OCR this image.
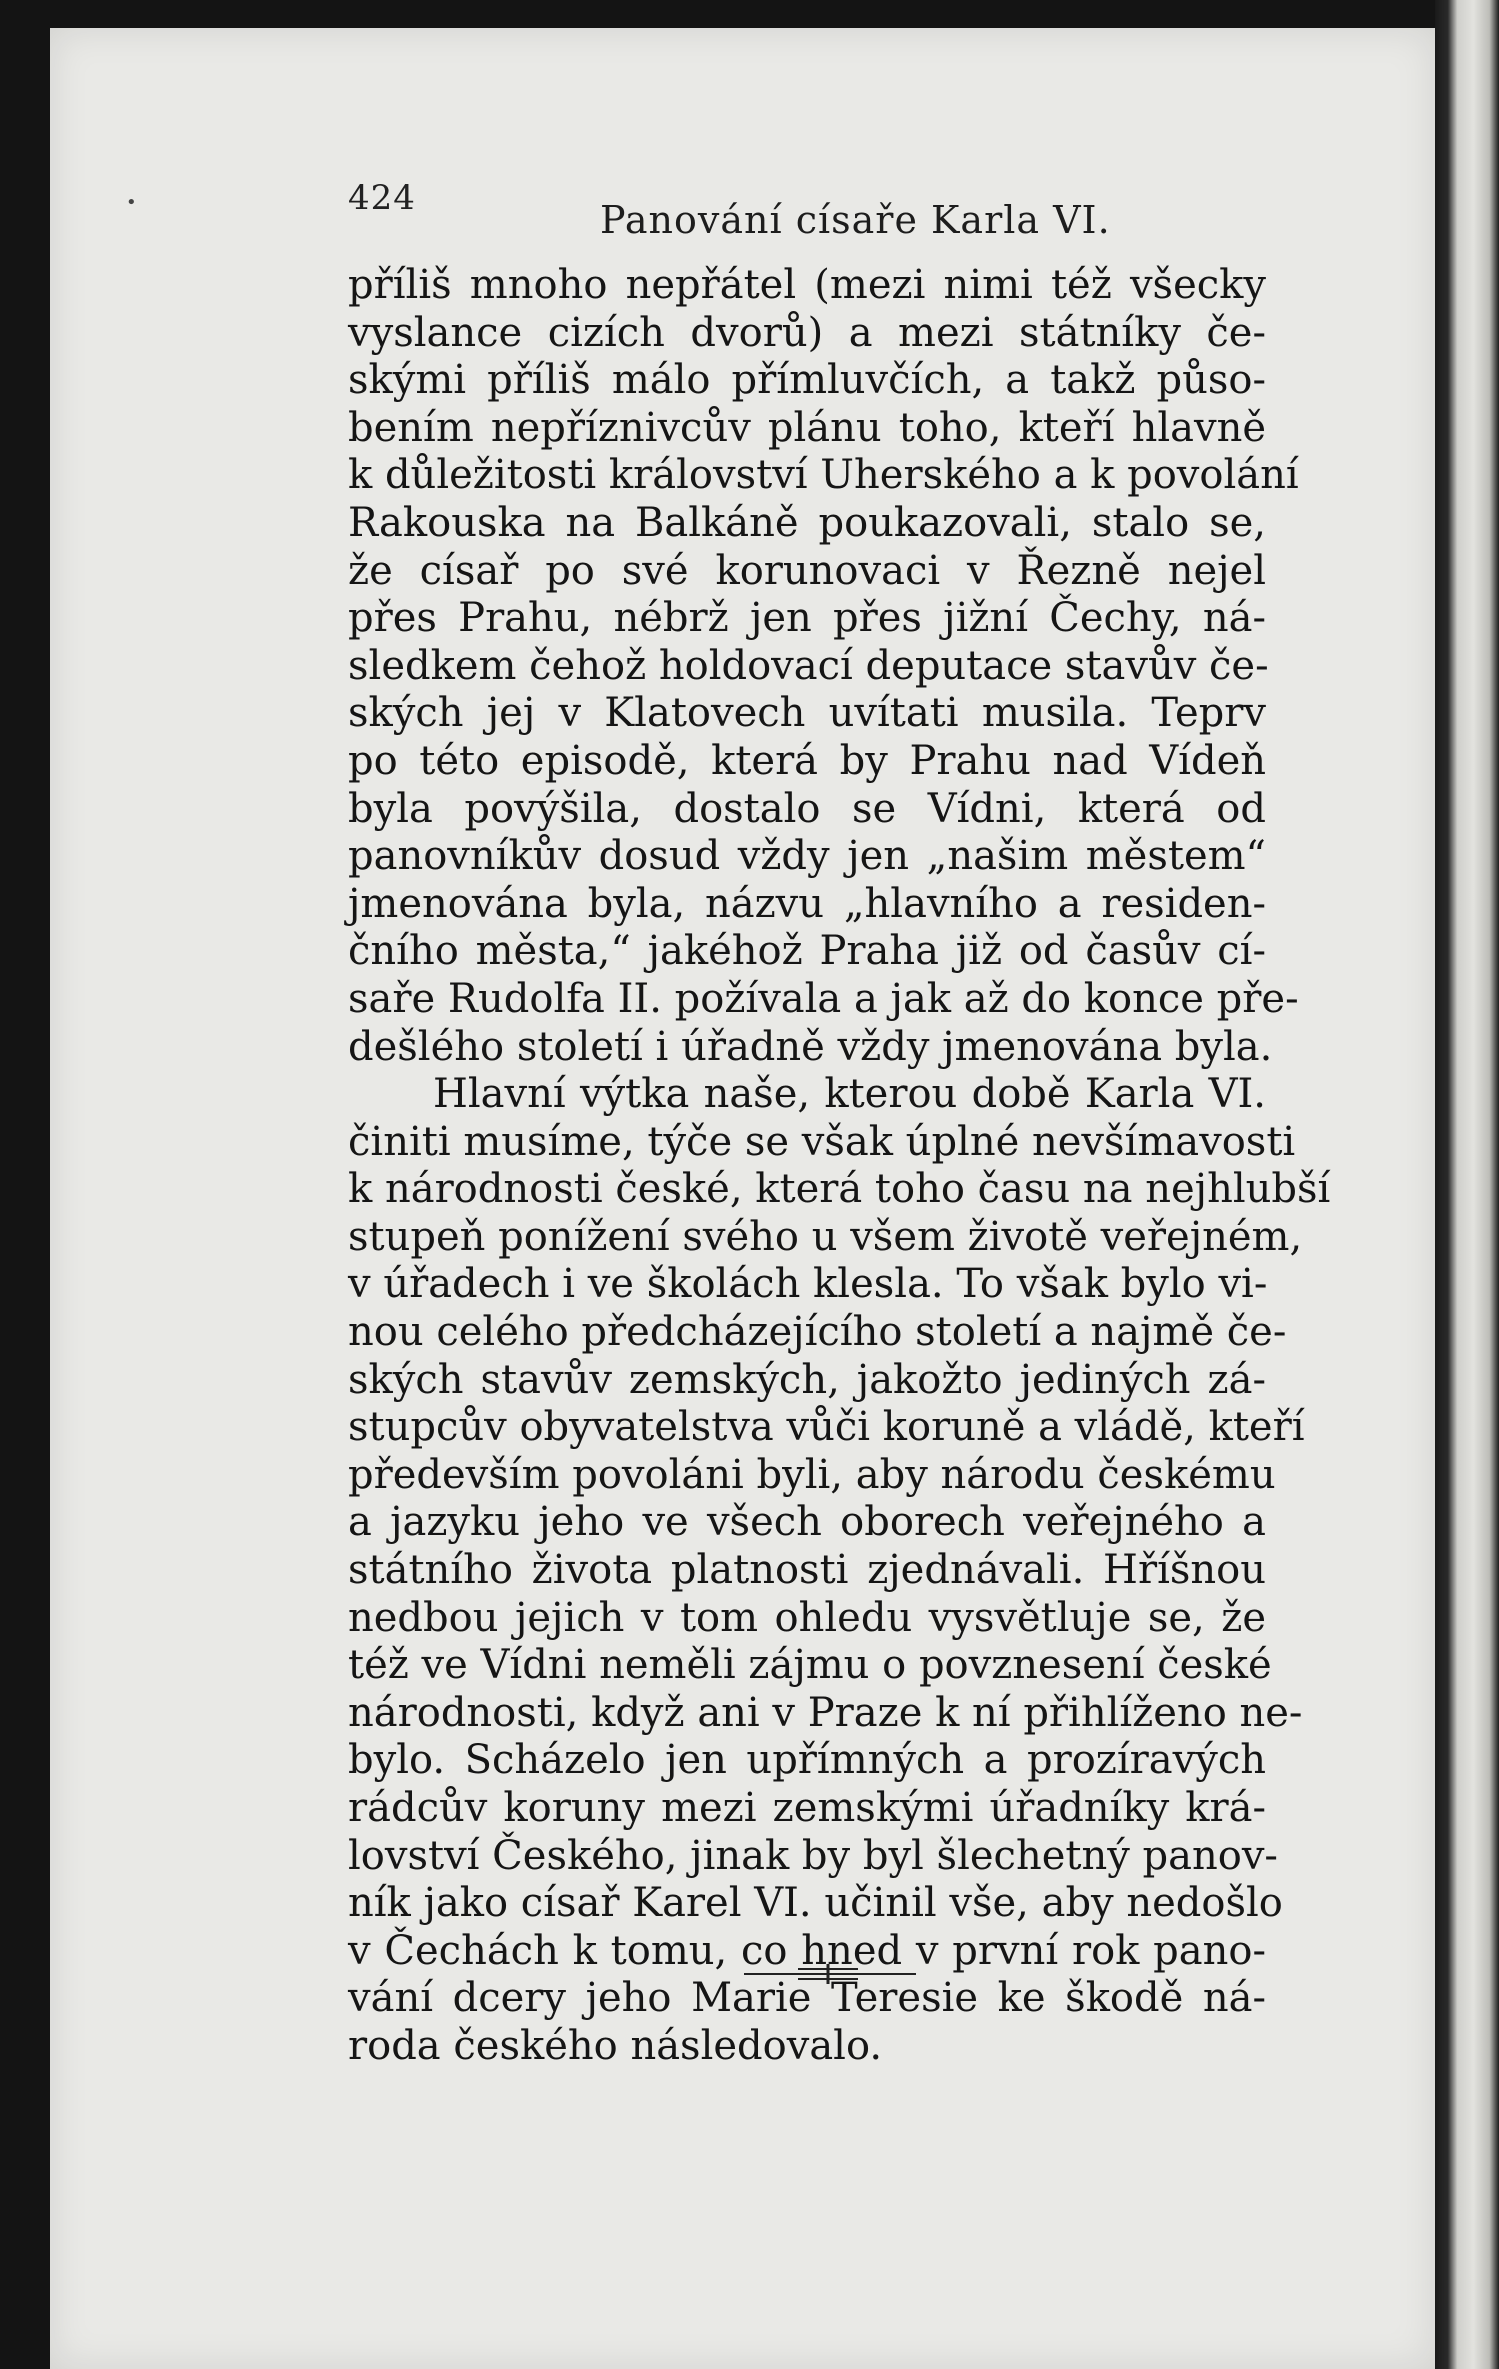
•	424	Panování císaře Karla VI.
příliš mnoho nepřátel (mezi nimi též všecky
vyslance cizích dvorů) a mezi státníky če-
skými příliš málo přímluvčích, a takž půso-
bením nepříznivcův plánu toho, kteří hlavně
k důležitosti království Uherského a k povolání
Rakouska na Balkáně poukazovali, stalo se,
že císař po své korunovaci v Řezně nejel
přes Prahu, nébrž jen přes jižní Čechy, ná-
sledkem čehož holdovací deputace stavův če-
ských jej v Klatovech uvítati musila. Teprv
po této episodě, která by Prahu nad Vídeň
byla povýšila, dostalo se Vídni, která od
panovníkův dosud vždy jen „našim městem“
jmenována byla, názvu „hlavního a residen-
čního města,“ jakéhož Praha již od časův cí-
saře Rudolfa II. požívala a jak až do konce pře-
dešlého století i úřadně vždy jmenována byla.
Hlavní výtka naše, kterou době Karla VI.
činiti musíme, týče se však úplné nevšímavosti
k národnosti české, která toho času na nejhlubší
stupeň ponížení svého u všem životě veřejném,
v úřadech i ve školách klesla. To však bylo vi-
nou celého předcházejícího století a najmě če-
ských stavův zemských, jakožto jediných zá-
stupcův obyvatelstva vůči koruně a vládě, kteří
především povoláni byli, aby národu českému
a jazyku jeho ve všech oborech veřejného a
státního života platnosti zjednávali. Hříšnou
nedbou jejich v tom ohledu vysvětluje se, že
též ve Vídni neměli zájmu o povznesení české
národnosti, když ani v Praze k ní přihlíženo ne-
bylo. Scházelo jen upřímných a prozíravých
rádcův koruny mezi zemskými úřadníky krá-
lovství Českého, jinak by byl šlechetný panov-
ník jako císař Karel VI. učinil vše, aby nedošlo
v Čechách k tomu, co hned v první rok pano-
vání dcery jeho Marie Teresie ke škodě ná-
roda českého následovalo.
